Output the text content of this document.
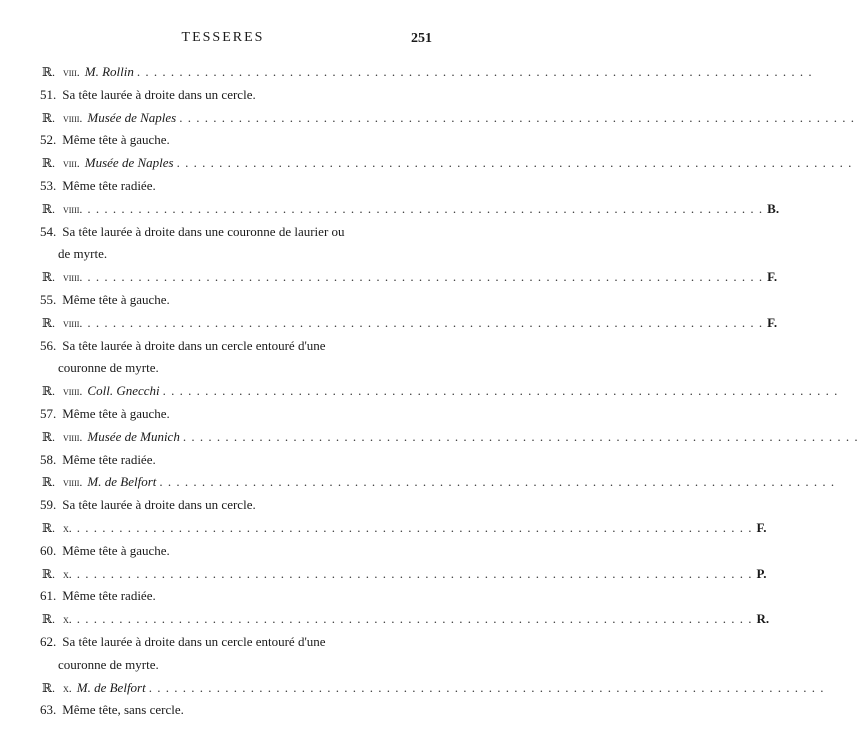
TESSERES	251
ℝ. viii. M. Rollin . . . . . . . . . . . . . . . . . . . . . . . . . . . . . . . . . . . . . . . . . . . . . . . . . . . . . . . . . . . . . . . . . . . . . . . . . . . . . . . .
51. Sa tête laurée à droite dans un cercle.
ℝ. viiii. Musée de Naples . . . . . . . . . . . . . . . . . . . . . . . . . . . . . . . . . . . . . . . . . . . . . . . . . . . . . . . . . . . . . . . . . . . . . . . . . . . . . . . .
52. Même tête à gauche.
ℝ. viii. Musée de Naples . . . . . . . . . . . . . . . . . . . . . . . . . . . . . . . . . . . . . . . . . . . . . . . . . . . . . . . . . . . . . . . . . . . . . . . . . . . . . . . .
53. Même tête radiée.
ℝ. viiii. . . . . . . . . . . . . . . . . . . . . . . . . . . . . . . . . . . . . . . . . . . . . . . . . . . . . . . . . . . . . . . . . . . . . . . . . . . . . . . . . B.
54. Sa tête laurée à droite dans une couronne de laurier ou
de myrte.
ℝ. viiii. . . . . . . . . . . . . . . . . . . . . . . . . . . . . . . . . . . . . . . . . . . . . . . . . . . . . . . . . . . . . . . . . . . . . . . . . . . . . . . . . F.
55. Même tête à gauche.
ℝ. viiii. . . . . . . . . . . . . . . . . . . . . . . . . . . . . . . . . . . . . . . . . . . . . . . . . . . . . . . . . . . . . . . . . . . . . . . . . . . . . . . . . F.
56. Sa tête laurée à droite dans un cercle entouré d'une
couronne de myrte.
ℝ. viiii. Coll. Gnecchi . . . . . . . . . . . . . . . . . . . . . . . . . . . . . . . . . . . . . . . . . . . . . . . . . . . . . . . . . . . . . . . . . . . . . . . . . . . . . . . .
57. Même tête à gauche.
ℝ. viiii. Musée de Munich . . . . . . . . . . . . . . . . . . . . . . . . . . . . . . . . . . . . . . . . . . . . . . . . . . . . . . . . . . . . . . . . . . . . . . . . . . . . . . . .
58. Même tête radiée.
ℝ. viiii. M. de Belfort . . . . . . . . . . . . . . . . . . . . . . . . . . . . . . . . . . . . . . . . . . . . . . . . . . . . . . . . . . . . . . . . . . . . . . . . . . . . . . . .
59. Sa tête laurée à droite dans un cercle.
ℝ. x. . . . . . . . . . . . . . . . . . . . . . . . . . . . . . . . . . . . . . . . . . . . . . . . . . . . . . . . . . . . . . . . . . . . . . . . . . . . . . . . . F.
60. Même tête à gauche.
ℝ. x. . . . . . . . . . . . . . . . . . . . . . . . . . . . . . . . . . . . . . . . . . . . . . . . . . . . . . . . . . . . . . . . . . . . . . . . . . . . . . . . . P.
61. Même tête radiée.
ℝ. x. . . . . . . . . . . . . . . . . . . . . . . . . . . . . . . . . . . . . . . . . . . . . . . . . . . . . . . . . . . . . . . . . . . . . . . . . . . . . . . . . R.
62. Sa tête laurée à droite dans un cercle entouré d'une
couronne de myrte.
ℝ. x. M. de Belfort . . . . . . . . . . . . . . . . . . . . . . . . . . . . . . . . . . . . . . . . . . . . . . . . . . . . . . . . . . . . . . . . . . . . . . . . . . . . . . . .
63. Même tête, sans cercle.
